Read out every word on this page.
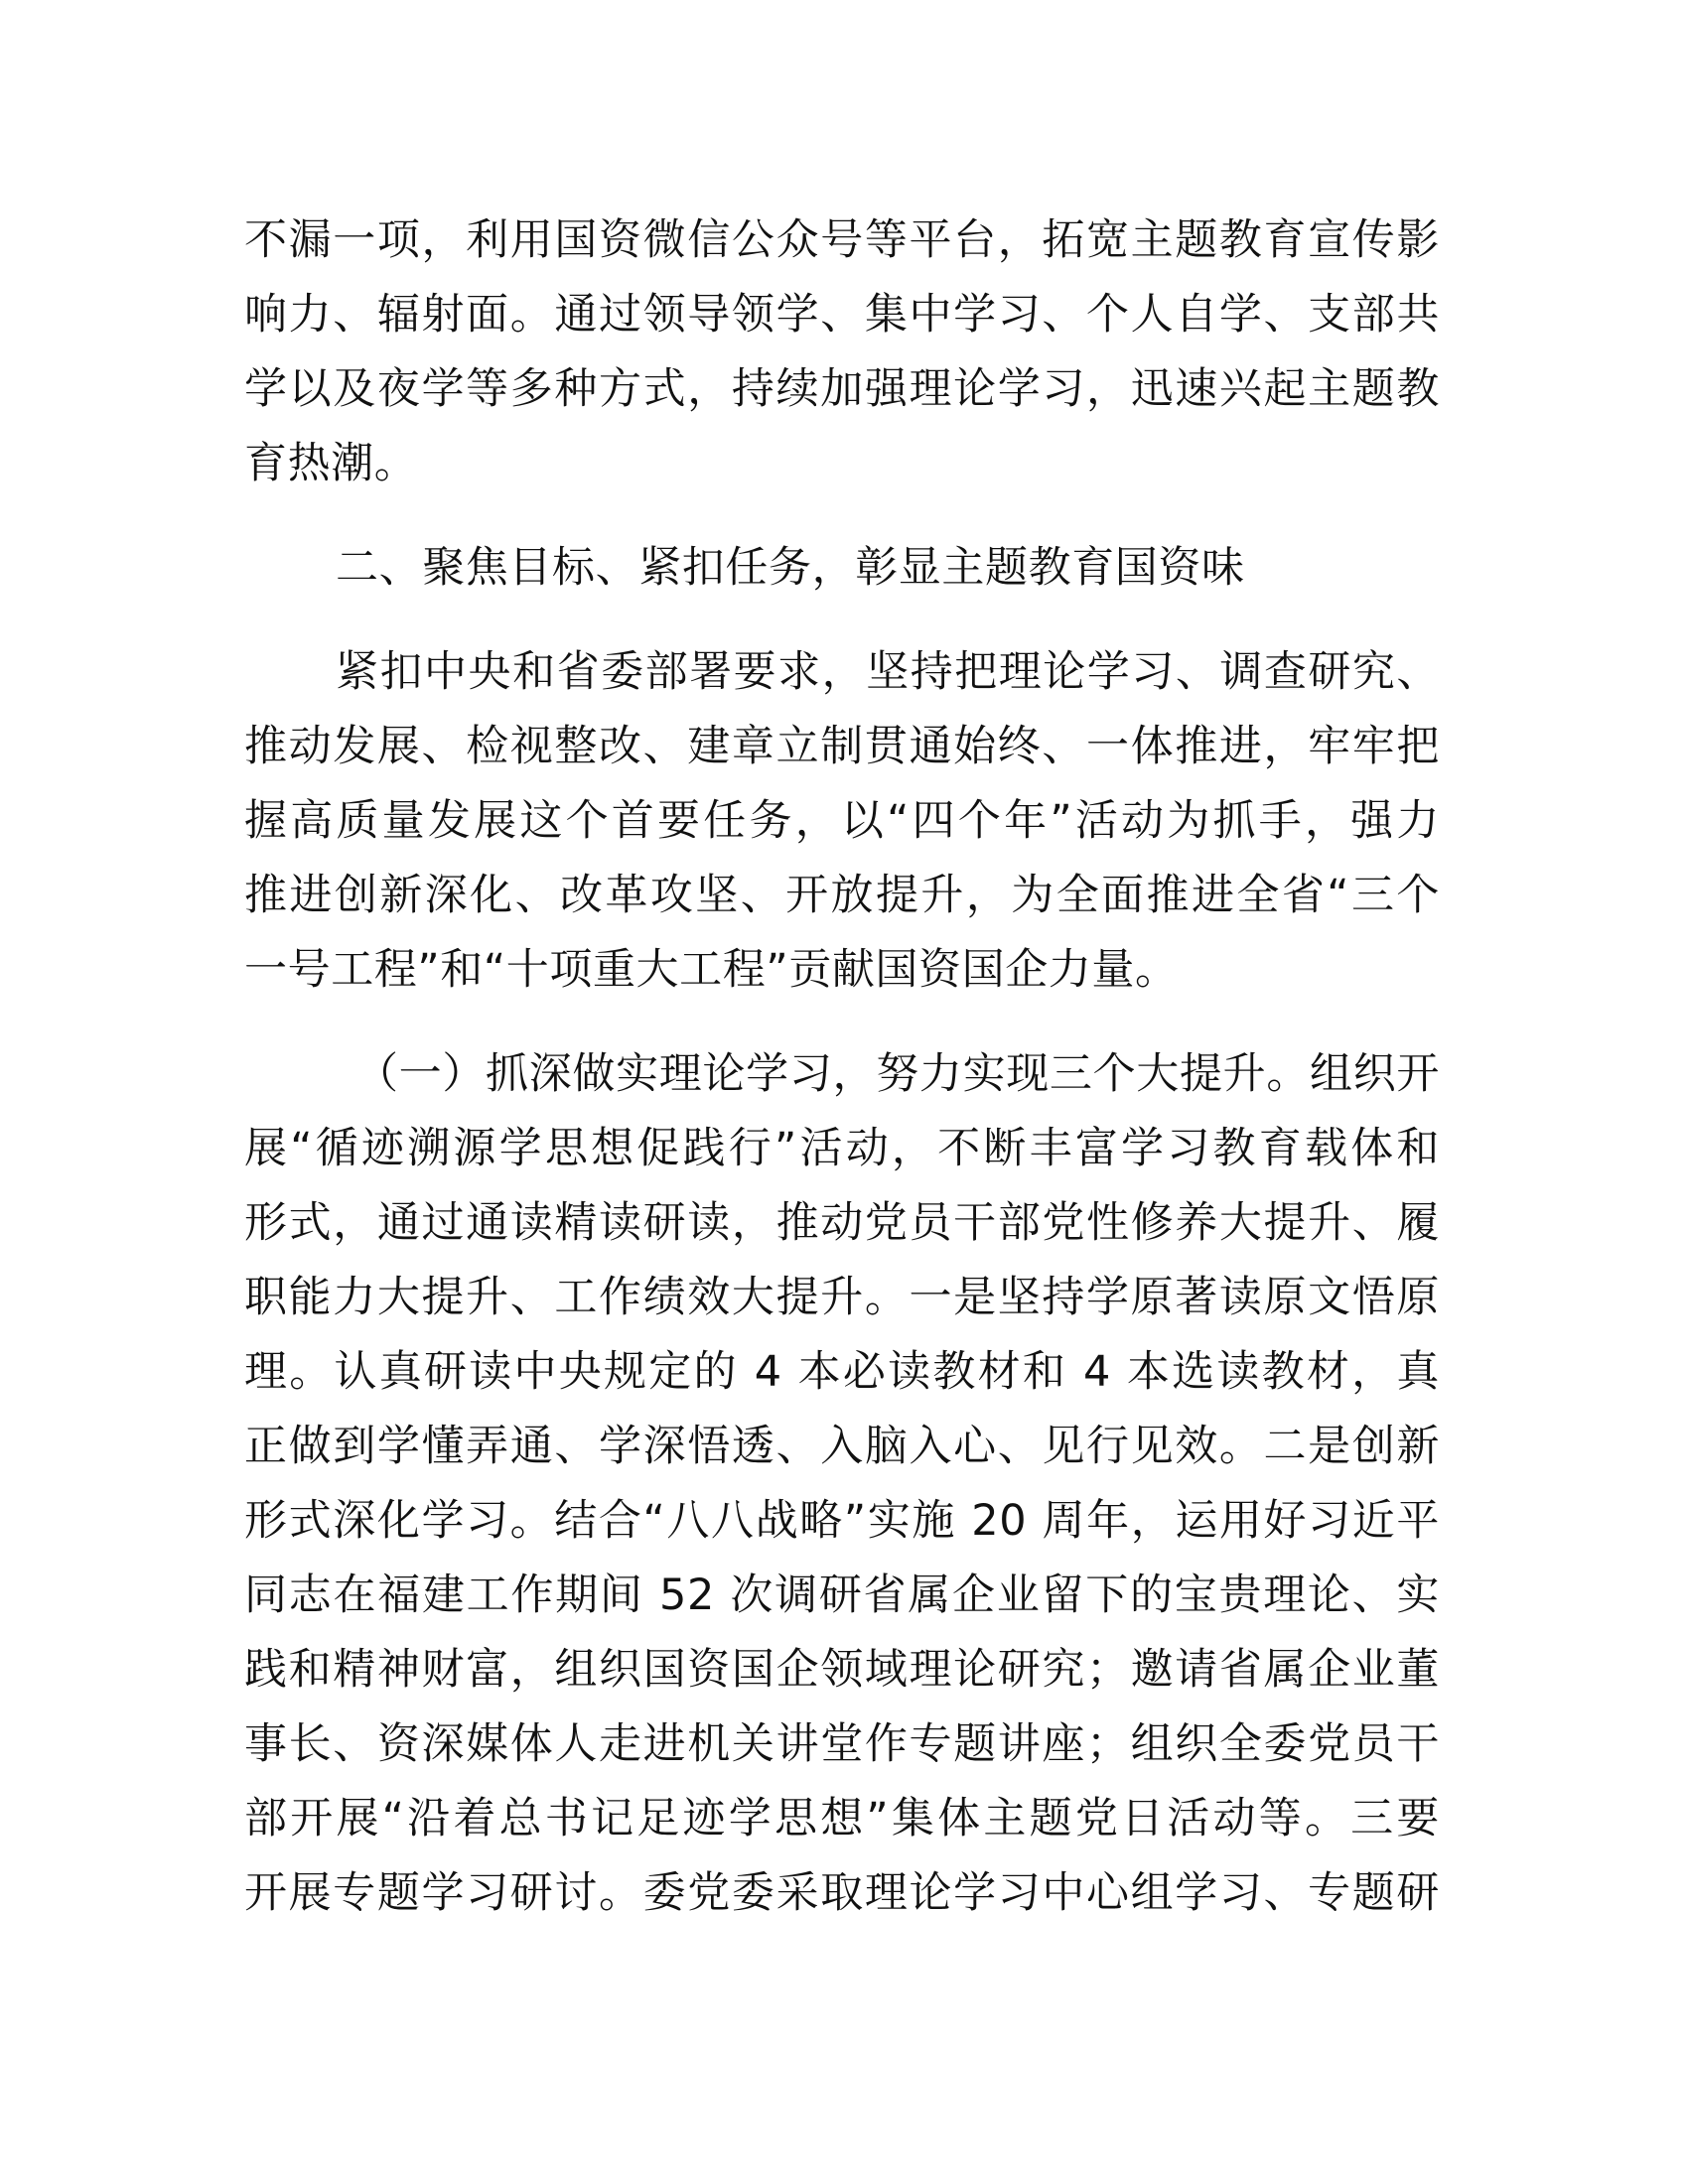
不漏一项，利用国资微信公众号等平台，拓宽主题教育宣传影
响力、辐射面。通过领导领学、集中学习、个人自学、支部共
学以及夜学等多种方式，持续加强理论学习，迅速兴起主题教
育热潮。
二、聚焦目标、紧扣任务，彰显主题教育国资味
紧扣中央和省委部署要求，坚持把理论学习、调查研究、
推动发展、检视整改、建章立制贯通始终、一体推进，牢牢把
握高质量发展这个首要任务，以“四个年”活动为抓手，强力
推进创新深化、改革攻坚、开放提升，为全面推进全省“三个
一号工程”和“十项重大工程”贡献国资国企力量。
（一）抓深做实理论学习，努力实现三个大提升。组织开
展“循迹溯源学思想促践行”活动，不断丰富学习教育载体和
形式，通过通读精读研读，推动党员干部党性修养大提升、履
职能力大提升、工作绩效大提升。一是坚持学原著读原文悟原
理。认真研读中央规定的 4 本必读教材和 4 本选读教材，真
正做到学懂弄通、学深悟透、入脑入心、见行见效。二是创新
形式深化学习。结合“八八战略”实施 20 周年，运用好习近平
同志在福建工作期间 52 次调研省属企业留下的宝贵理论、实
践和精神财富，组织国资国企领域理论研究；邀请省属企业董
事长、资深媒体人走进机关讲堂作专题讲座；组织全委党员干
部开展“沿着总书记足迹学思想”集体主题党日活动等。三要
开展专题学习研讨。委党委采取理论学习中心组学习、专题研
